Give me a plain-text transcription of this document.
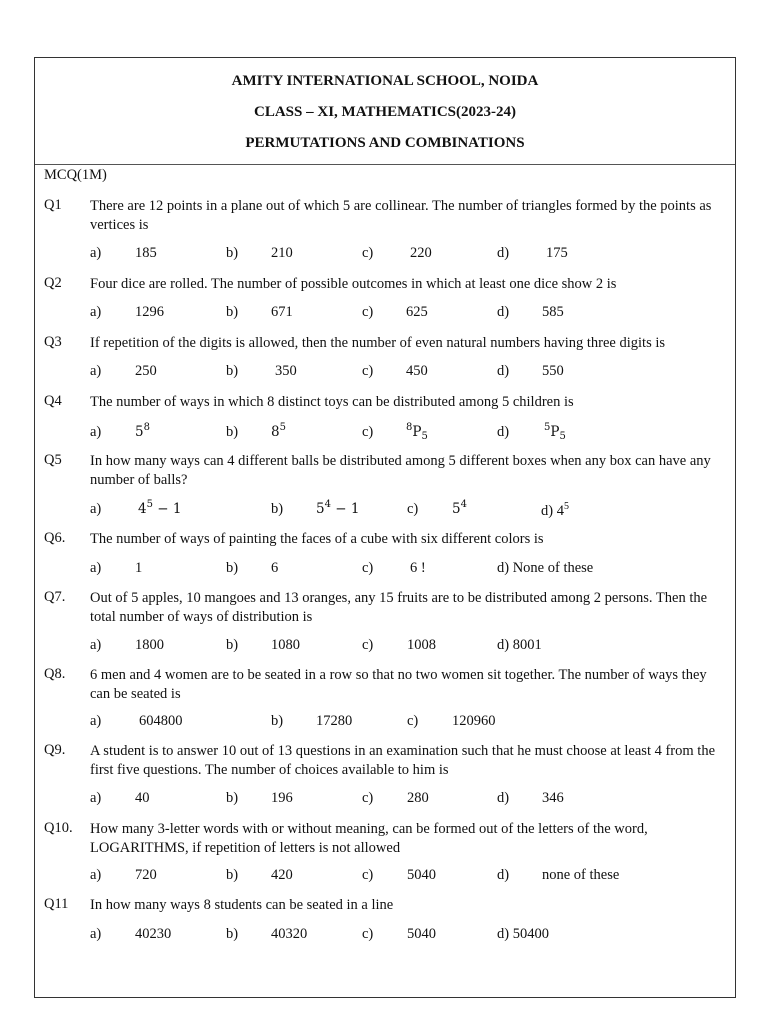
AMITY INTERNATIONAL SCHOOL, NOIDA
CLASS – XI, MATHEMATICS(2023-24)
PERMUTATIONS AND COMBINATIONS
MCQ(1M)
Q1 There are 12 points in a plane out of which 5 are collinear. The number of triangles formed by the points as vertices is
a) 185	b) 210	c)	220	d)	175
Q2 Four dice are rolled. The number of possible outcomes in which at least one dice show 2 is
a) 1296	b) 671	c) 625	d) 585
Q3 If repetition of the digits is allowed, then the number of even natural numbers having three digits is
a) 250	b)	350	c) 450	d) 550
Q4 The number of ways in which 8 distinct toys can be distributed among 5 children is
a) $5^8$	b) $8^5$	c)	$^8P_5$	d)	$^5P_5$
Q5 In how many ways can 4 different balls be distributed among 5 different boxes when any box can have any number of balls?
a)	$4^5 - 1$	b) $5^4 - 1$	c) $5^4$	d) $4^5$
Q6. The number of ways of painting the faces of a cube with six different colors is
a) 1	b) 6	c)	6 !	d) None of these
Q7. Out of 5 apples, 10 mangoes and 13 oranges, any 15 fruits are to be distributed among 2 persons. Then the total number of ways of distribution is
a) 1800	b) 1080	c) 1008	d) 8001
Q8. 6 men and 4 women are to be seated in a row so that no two women sit together. The number of ways they can be seated is
a)	604800	b) 17280	c) 120960
Q9. A student is to answer 10 out of 13 questions in an examination such that he must choose at least 4 from the first five questions. The number of choices available to him is
a) 40	b) 196	c) 280	d) 346
Q10. How many 3-letter words with or without meaning, can be formed out of the letters of the word, LOGARITHMS, if repetition of letters is not allowed
a) 720	b) 420	c) 5040	d) none of these
Q11 In how many ways 8 students can be seated in a line
a) 40230	b) 40320	c) 5040	d) 50400
